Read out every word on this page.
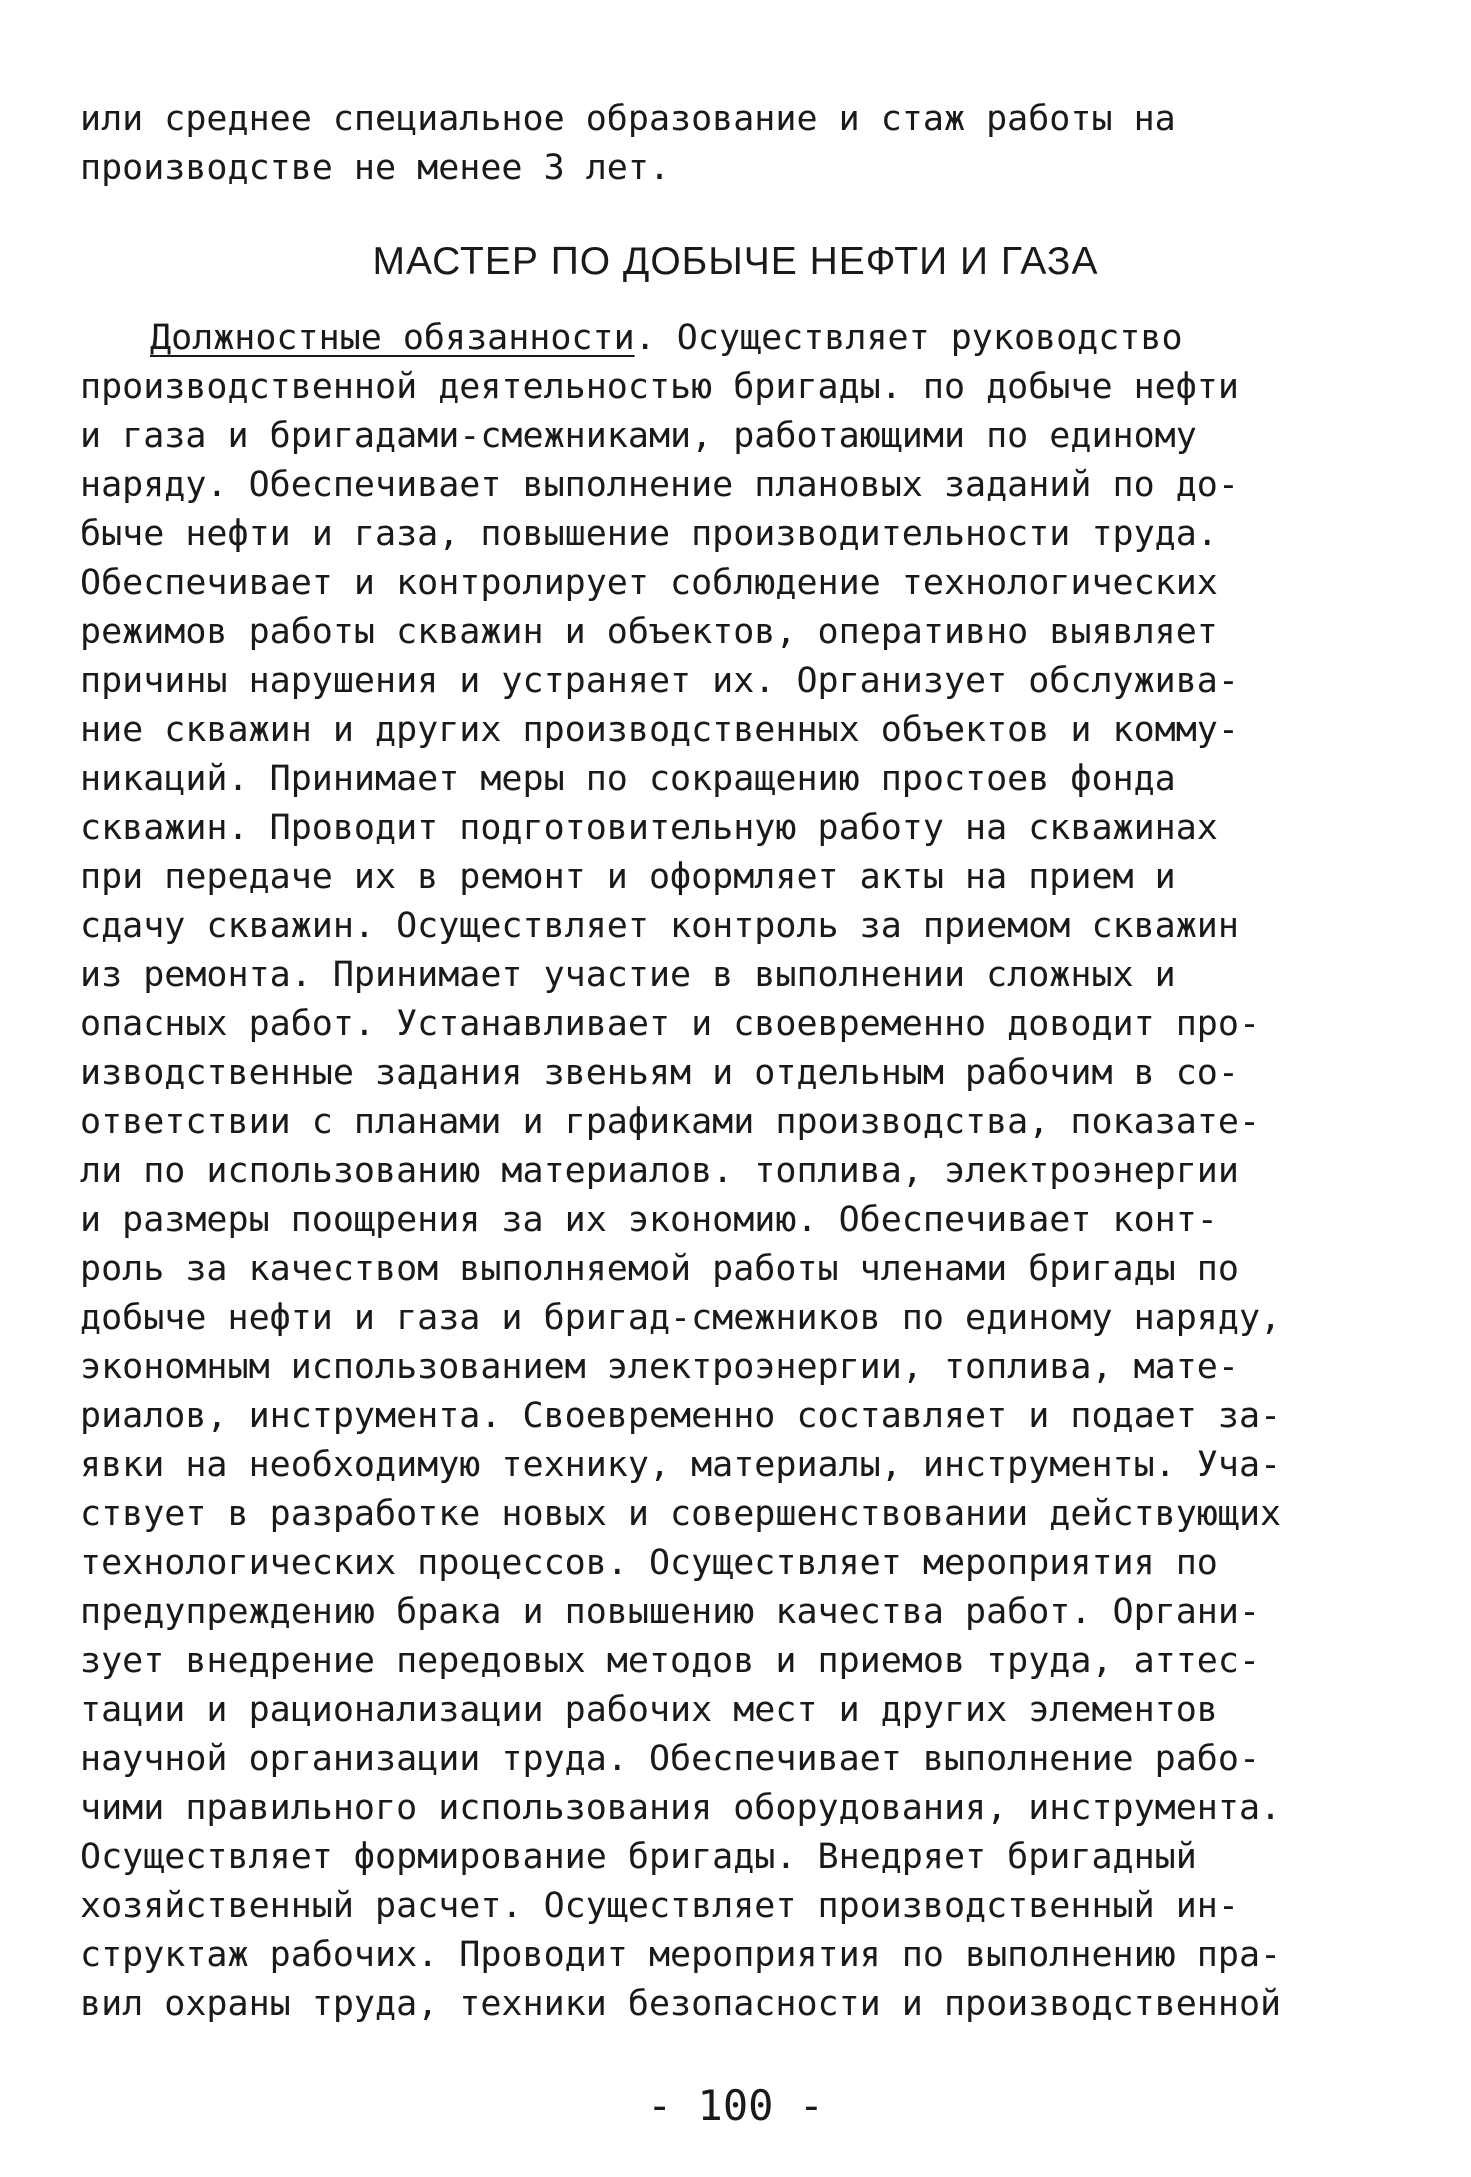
или среднее специальное образование и стаж работы на
производстве не менее 3 лет.
МАСТЕР ПО ДОБЫЧЕ НЕФТИ И ГАЗА
Должностные обязанности. Осуществляет руководство
производственной деятельностью бригады. по добыче нефти
и газа и бригадами-смежниками, работающими по единому
наряду. Обеспечивает выполнение плановых заданий по до-
быче нефти и газа, повышение производительности труда.
Обеспечивает и контролирует соблюдение технологических
режимов работы скважин и объектов, оперативно выявляет
причины нарушения и устраняет их. Организует обслужива-
ние скважин и других производственных объектов и комму-
никаций. Принимает меры по сокращению простоев фонда
скважин. Проводит подготовительную работу на скважинах
при передаче их в ремонт и оформляет акты на прием и
сдачу скважин. Осуществляет контроль за приемом скважин
из ремонта. Принимает участие в выполнении сложных и
опасных работ. Устанавливает и своевременно доводит про-
изводственные задания звеньям и отдельным рабочим в со-
ответствии с планами и графиками производства, показате-
ли по использованию материалов. топлива, электроэнергии
и размеры поощрения за их экономию. Обеспечивает конт-
роль за качеством выполняемой работы членами бригады по
добыче нефти и газа и бригад-смежников по единому наряду,
экономным использованием электроэнергии, топлива, мате-
риалов, инструмента. Своевременно составляет и подает за-
явки на необходимую технику, материалы, инструменты. Уча-
ствует в разработке новых и совершенствовании действующих
технологических процессов. Осуществляет мероприятия по
предупреждению брака и повышению качества работ. Органи-
зует внедрение передовых методов и приемов труда, аттес-
тации и рационализации рабочих мест и других элементов
научной организации труда. Обеспечивает выполнение рабо-
чими правильного использования оборудования, инструмента.
Осуществляет формирование бригады. Внедряет бригадный
хозяйственный расчет. Осуществляет производственный ин-
структаж рабочих. Проводит мероприятия по выполнению пра-
вил охраны труда, техники безопасности и производственной
- 100 -
